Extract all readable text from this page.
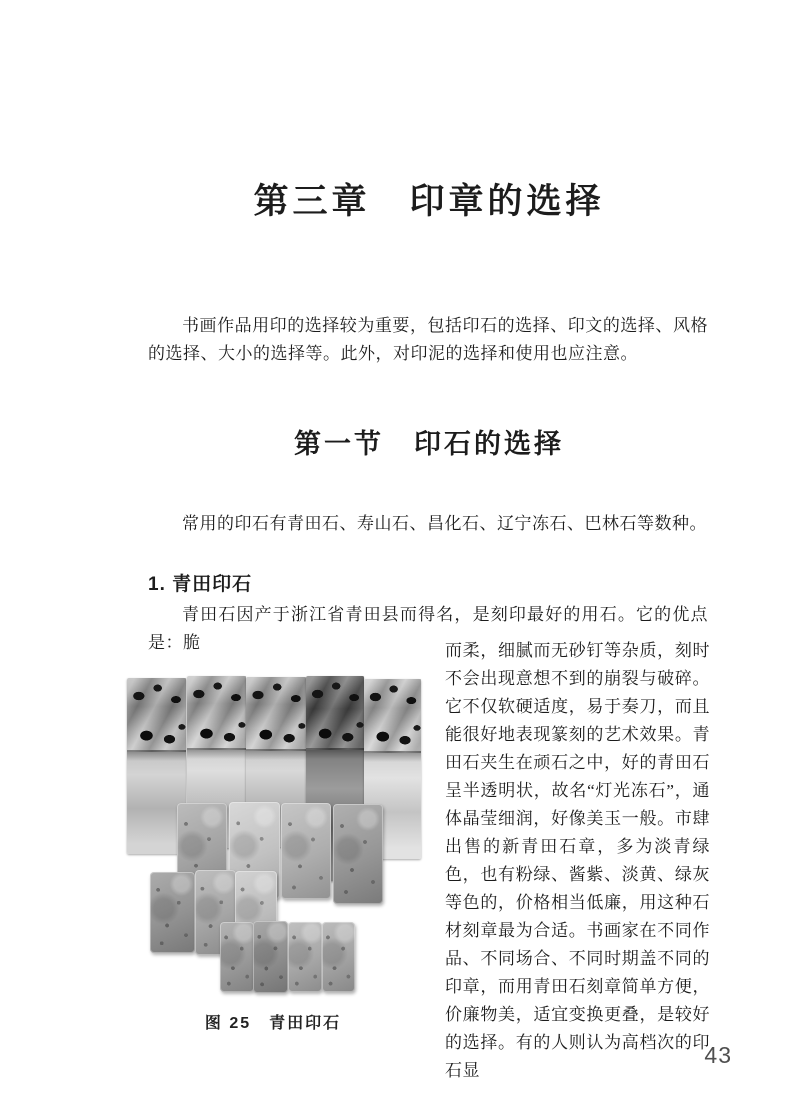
第三章　印章的选择

书画作品用印的选择较为重要，包括印石的选择、印文的选择、风格的选择、大小的选择等。此外，对印泥的选择和使用也应注意。

第一节　印石的选择

常用的印石有青田石、寿山石、昌化石、辽宁冻石、巴林石等数种。

1. 青田印石

青田石因产于浙江省青田县而得名，是刻印最好的用石。它的优点是：脆

图 25　青田印石
而柔，细腻而无砂钉等杂质，刻时不会出现意想不到的崩裂与破碎。它不仅软硬适度，易于奏刀，而且能很好地表现篆刻的艺术效果。青田石夹生在顽石之中，好的青田石呈半透明状，故名“灯光冻石”，通体晶莹细润，好像美玉一般。市肆出售的新青田石章，多为淡青绿色，也有粉绿、酱紫、淡黄、绿灰等色的，价格相当低廉，用这种石材刻章最为合适。书画家在不同作品、不同场合、不同时期盖不同的印章，而用青田石刻章简单方便，价廉物美，适宜变换更叠，是较好的选择。有的人则认为高档次的印石显
43
